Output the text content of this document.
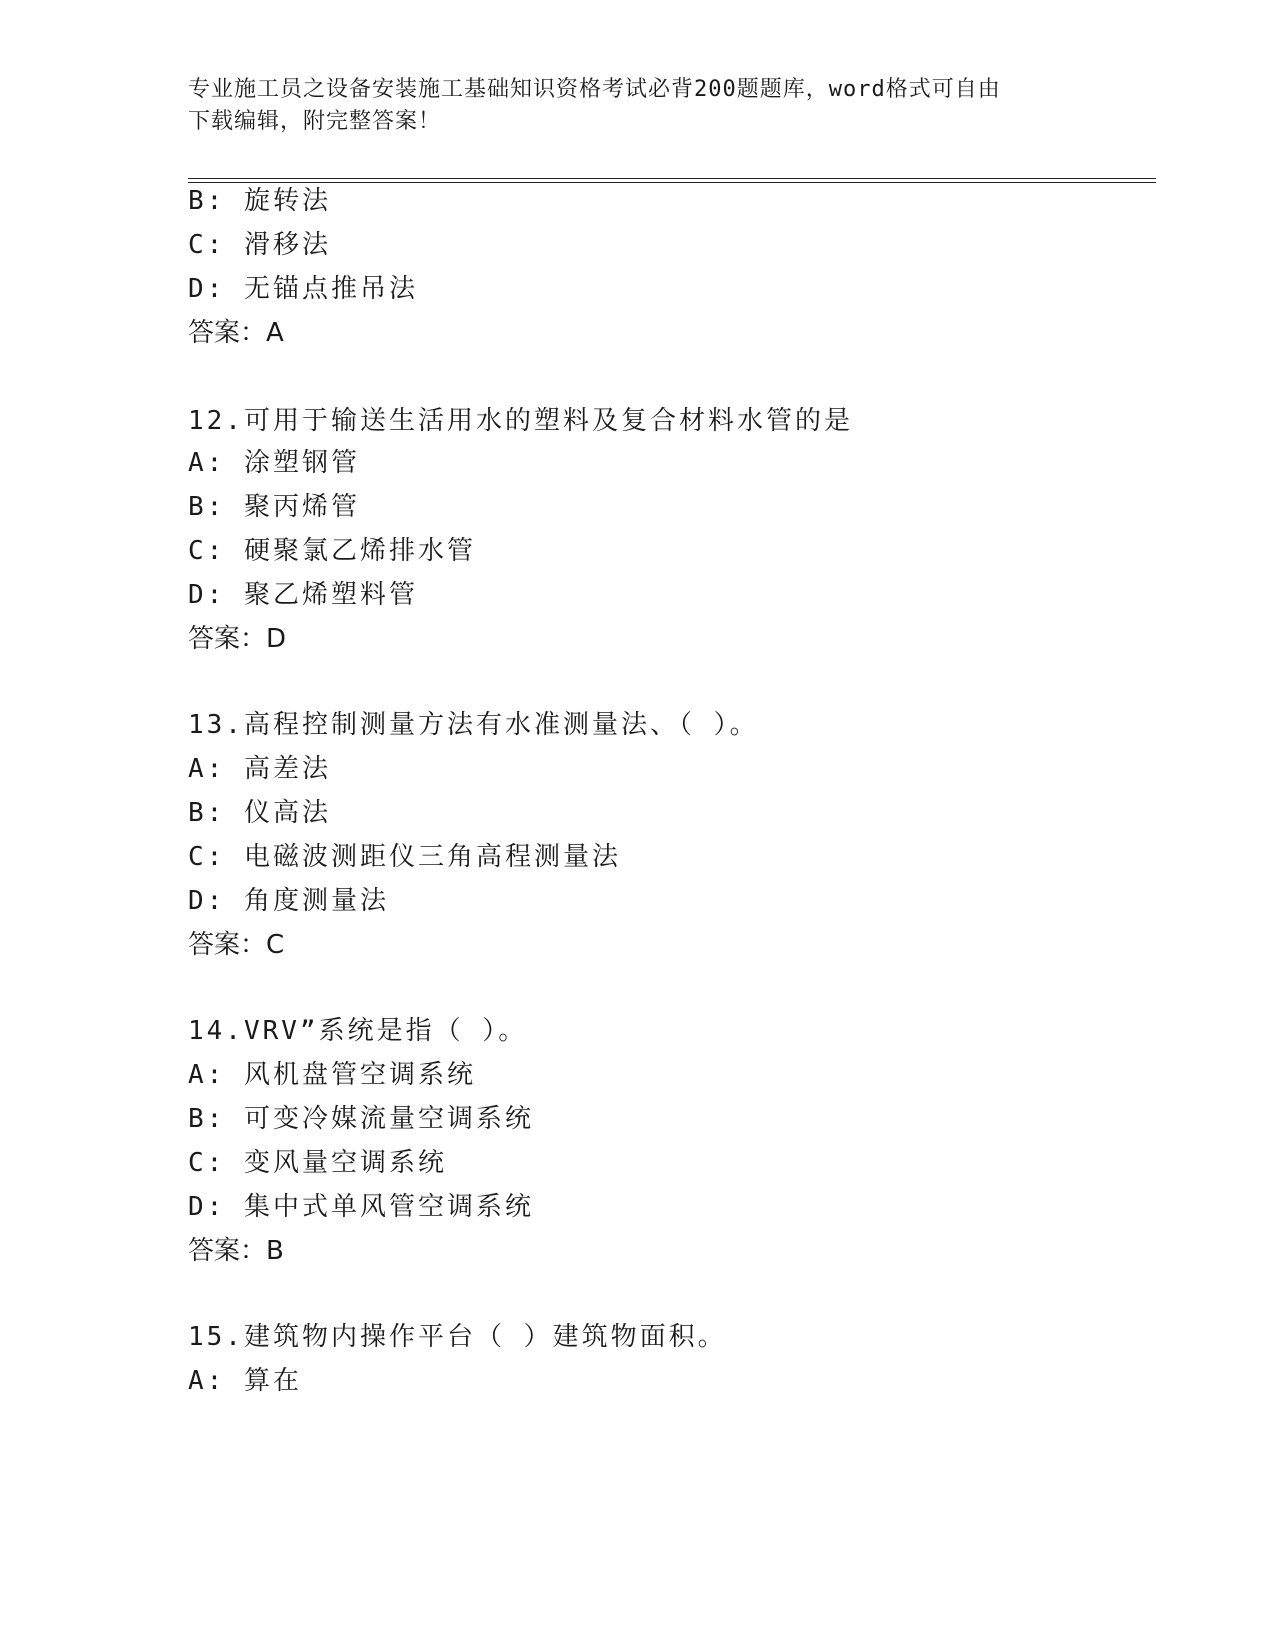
专业施工员之设备安装施工基础知识资格考试必背200题题库，word格式可自由
下载编辑，附完整答案！
B: 旋转法
C: 滑移法
D: 无锚点推吊法
答案：A
12.可用于输送生活用水的塑料及复合材料水管的是
A: 涂塑钢管
B: 聚丙烯管
C: 硬聚氯乙烯排水管
D: 聚乙烯塑料管
答案：D
13.高程控制测量方法有水准测量法、（ ）。
A: 高差法
B: 仪高法
C: 电磁波测距仪三角高程测量法
D: 角度测量法
答案：C
14.VRV”系统是指（ ）。
A: 风机盘管空调系统
B: 可变冷媒流量空调系统
C: 变风量空调系统
D: 集中式单风管空调系统
答案：B
15.建筑物内操作平台（ ）建筑物面积。
A: 算在
